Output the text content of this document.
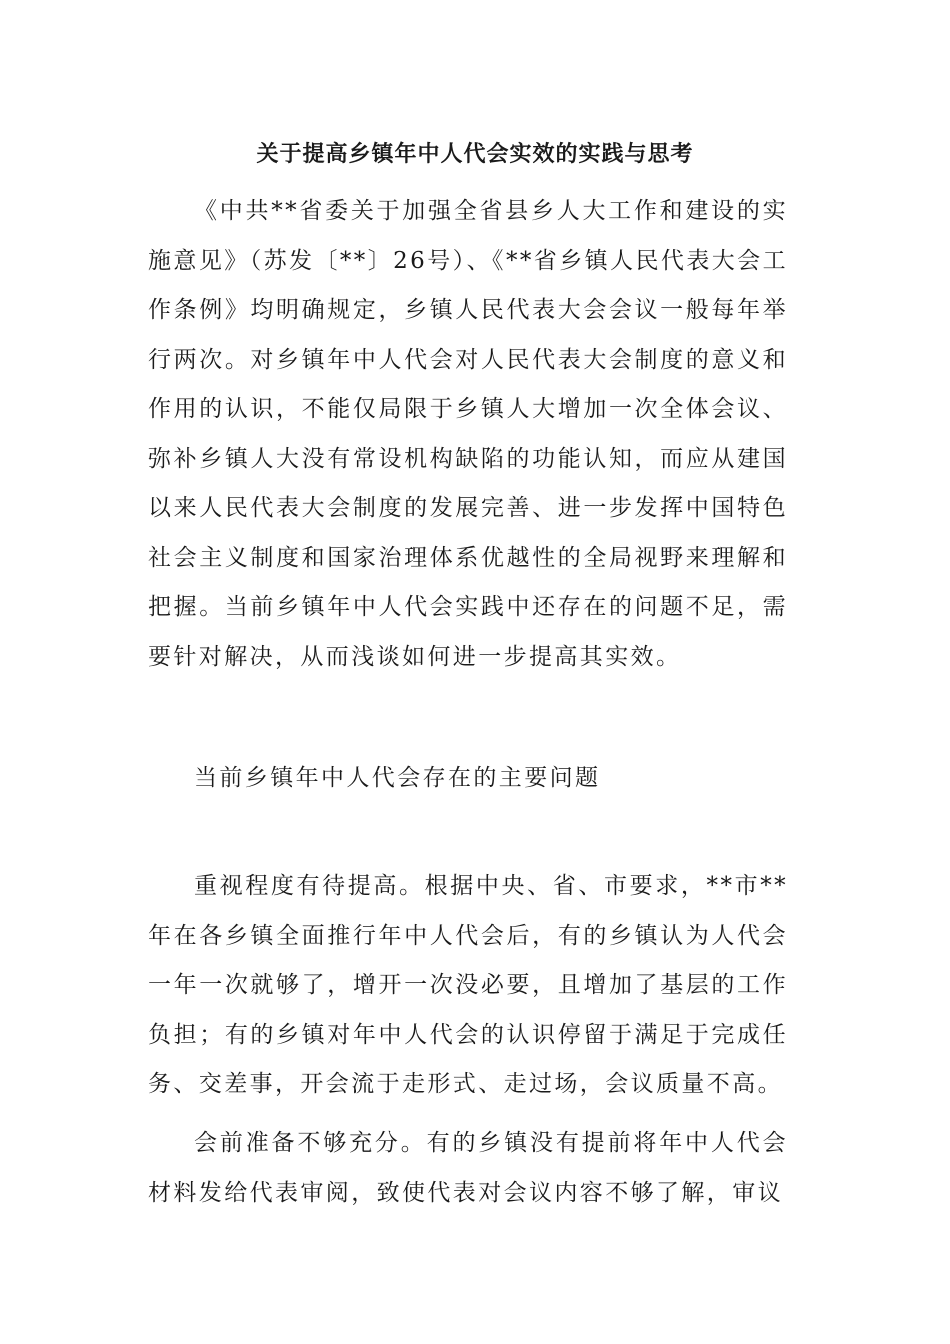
关于提高乡镇年中人代会实效的实践与思考

《中共**省委关于加强全省县乡人大工作和建设的实施意见》（苏发〔**〕26号）、《**省乡镇人民代表大会工作条例》均明确规定，乡镇人民代表大会会议一般每年举行两次。对乡镇年中人代会对人民代表大会制度的意义和作用的认识，不能仅局限于乡镇人大增加一次全体会议、弥补乡镇人大没有常设机构缺陷的功能认知，而应从建国以来人民代表大会制度的发展完善、进一步发挥中国特色社会主义制度和国家治理体系优越性的全局视野来理解和把握。当前乡镇年中人代会实践中还存在的问题不足，需要针对解决，从而浅谈如何进一步提高其实效。

当前乡镇年中人代会存在的主要问题

重视程度有待提高。根据中央、省、市要求，**市**年在各乡镇全面推行年中人代会后，有的乡镇认为人代会一年一次就够了，增开一次没必要，且增加了基层的工作负担；有的乡镇对年中人代会的认识停留于满足于完成任务、交差事，开会流于走形式、走过场，会议质量不高。

会前准备不够充分。有的乡镇没有提前将年中人代会材料发给代表审阅，致使代表对会议内容不够了解，审议
